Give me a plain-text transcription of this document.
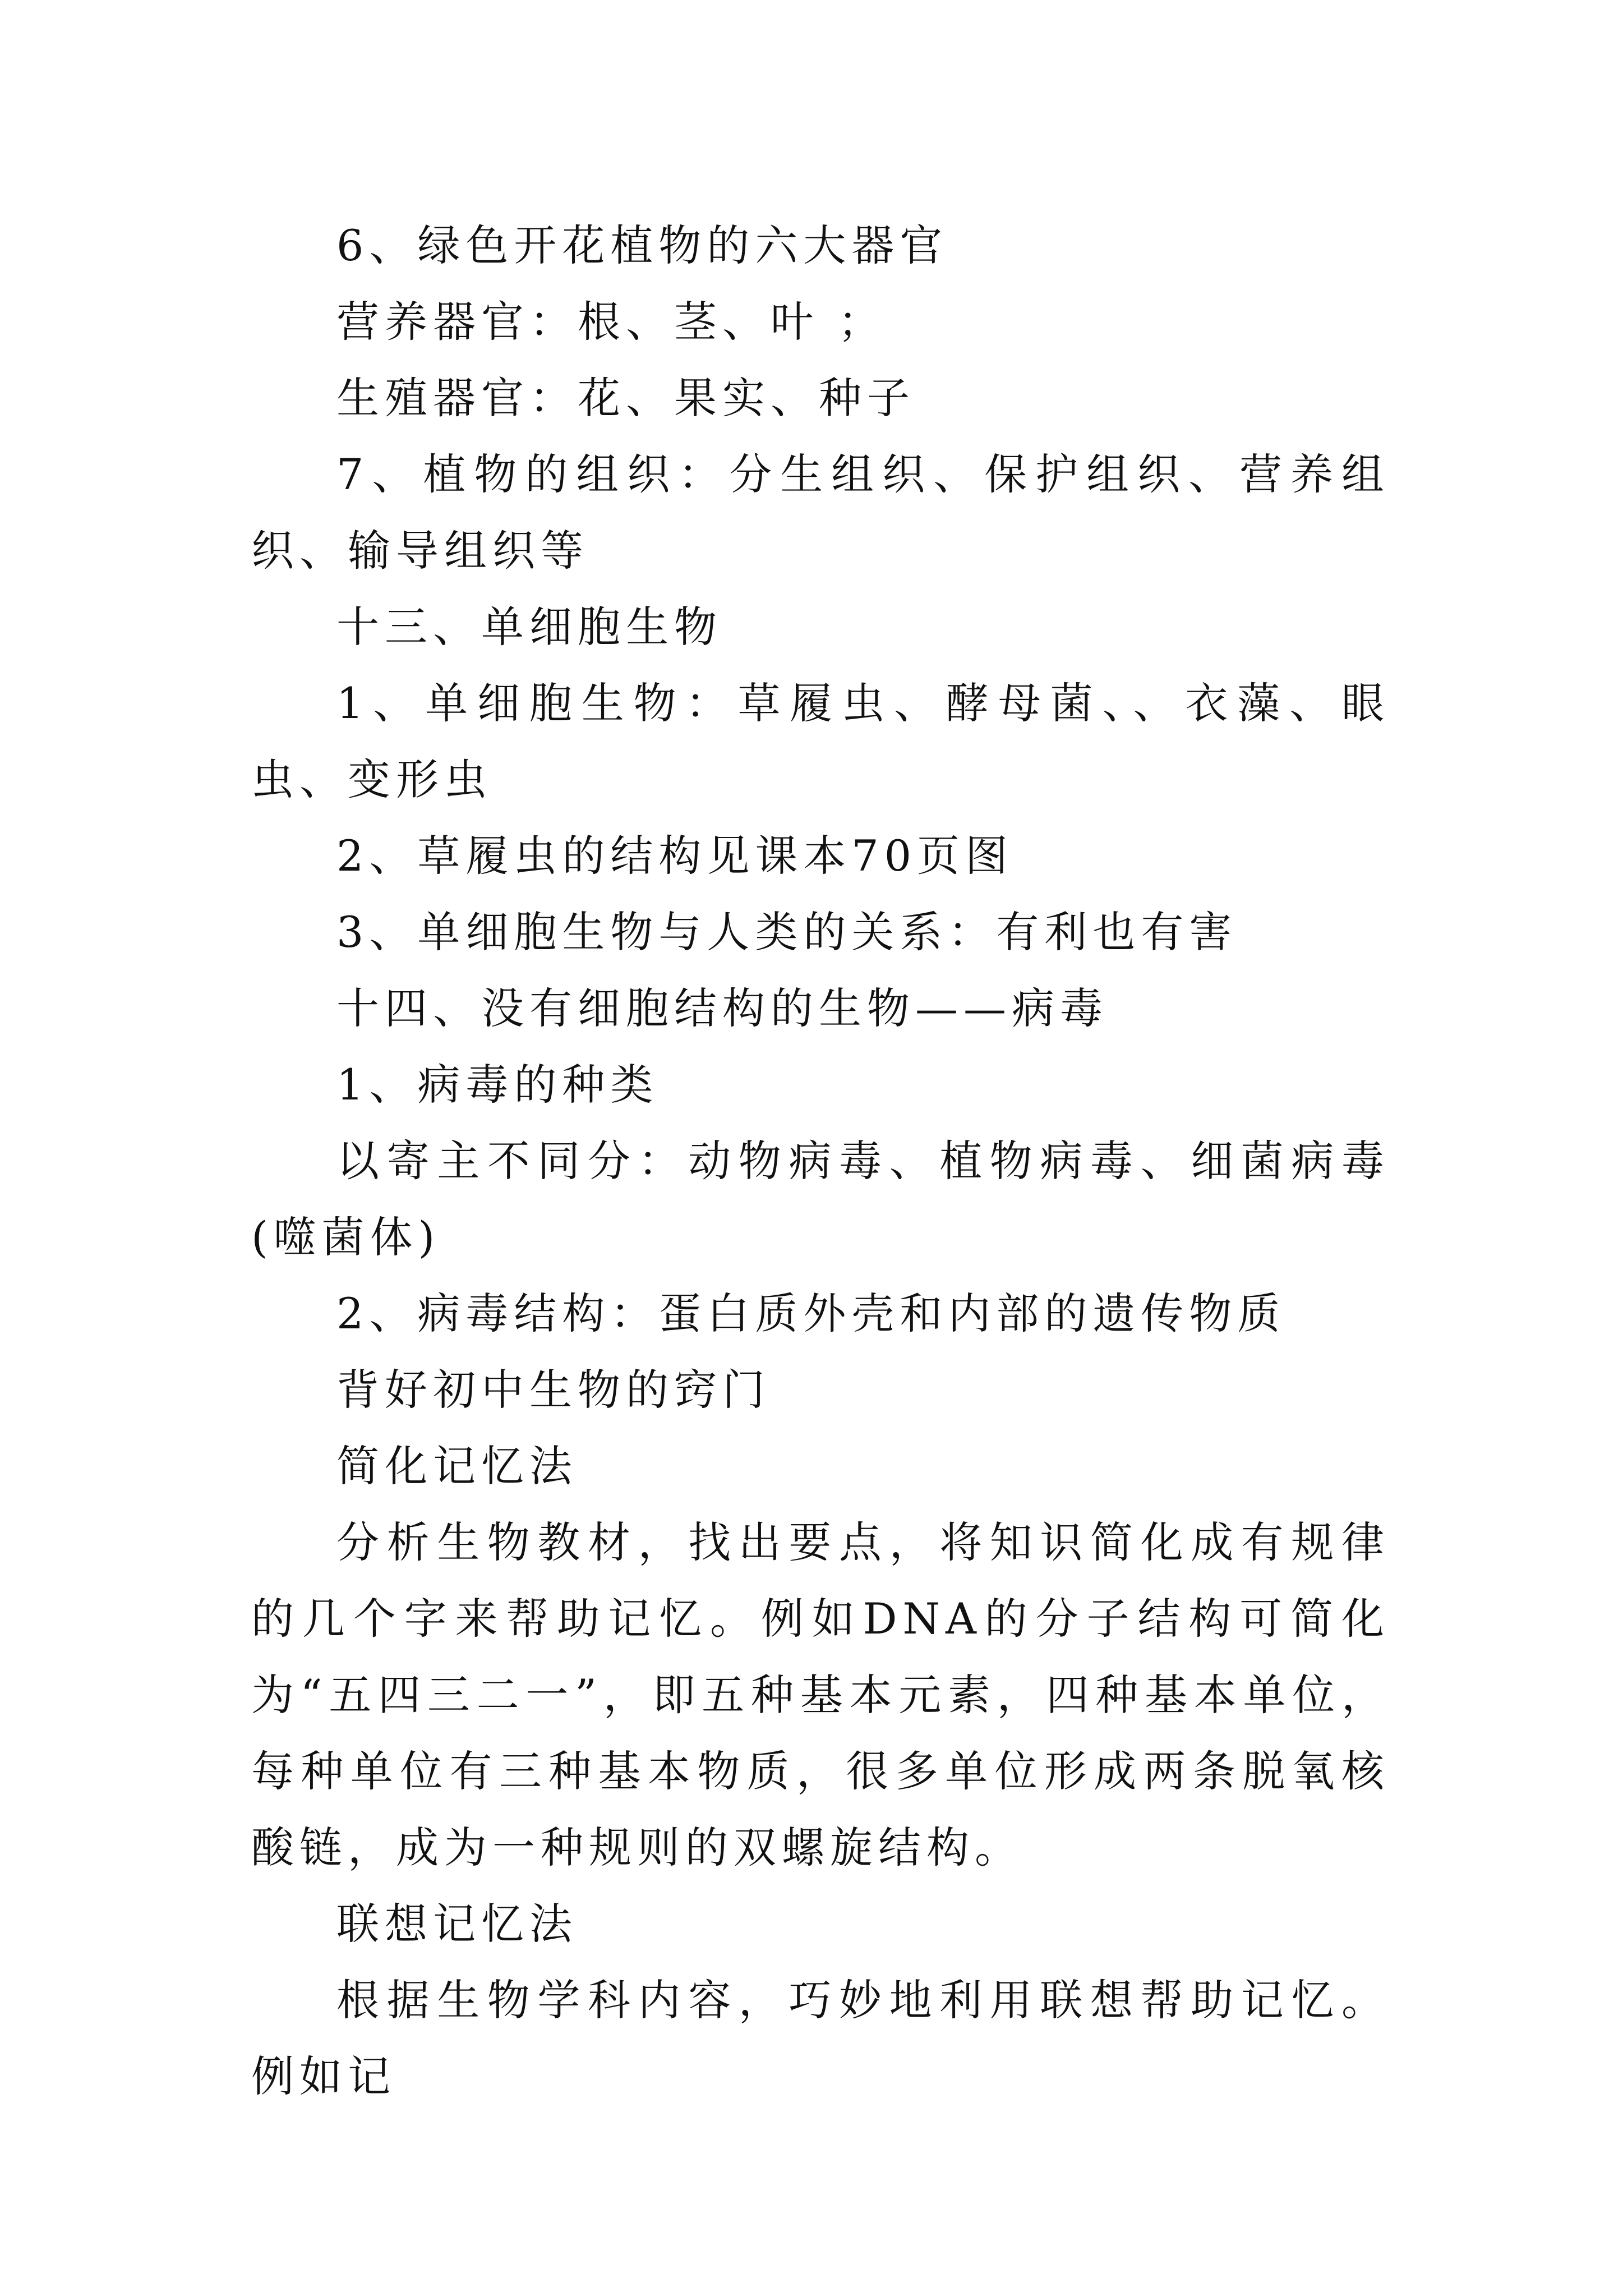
6、绿色开花植物的六大器官

营养器官：根、茎、叶 ；

生殖器官：花、果实、种子

7、植物的组织：分生组织、保护组织、营养组织、输导组织等

十三、单细胞生物

1、单细胞生物：草履虫、酵母菌、、衣藻、眼虫、变形虫

2、草履虫的结构见课本70页图

3、单细胞生物与人类的关系：有利也有害

十四、没有细胞结构的生物——病毒

1、病毒的种类

以寄主不同分：动物病毒、植物病毒、细菌病毒(噬菌体)

2、病毒结构：蛋白质外壳和内部的遗传物质

背好初中生物的窍门

简化记忆法

分析生物教材，找出要点，将知识简化成有规律的几个字来帮助记忆。例如DNA的分子结构可简化为“五四三二一”，即五种基本元素，四种基本单位，每种单位有三种基本物质，很多单位形成两条脱氧核酸链，成为一种规则的双螺旋结构。

联想记忆法

根据生物学科内容，巧妙地利用联想帮助记忆。例如记
